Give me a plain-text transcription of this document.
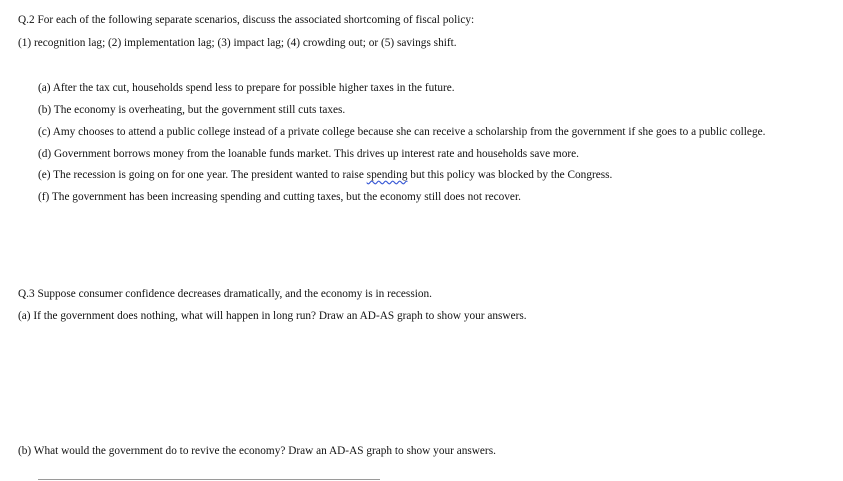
Q.2 For each of the following separate scenarios, discuss the associated shortcoming of fiscal policy:
(1) recognition lag; (2) implementation lag; (3) impact lag; (4) crowding out; or (5) savings shift.
(a) After the tax cut, households spend less to prepare for possible higher taxes in the future.
(b) The economy is overheating, but the government still cuts taxes.
(c) Amy chooses to attend a public college instead of a private college because she can receive a scholarship from the government if she goes to a public college.
(d) Government borrows money from the loanable funds market. This drives up interest rate and households save more.
(e) The recession is going on for one year. The president wanted to raise spending but this policy was blocked by the Congress.
(f) The government has been increasing spending and cutting taxes, but the economy still does not recover.
Q.3 Suppose consumer confidence decreases dramatically, and the economy is in recession.
(a) If the government does nothing, what will happen in long run? Draw an AD-AS graph to show your answers.
(b) What would the government do to revive the economy? Draw an AD-AS graph to show your answers.
